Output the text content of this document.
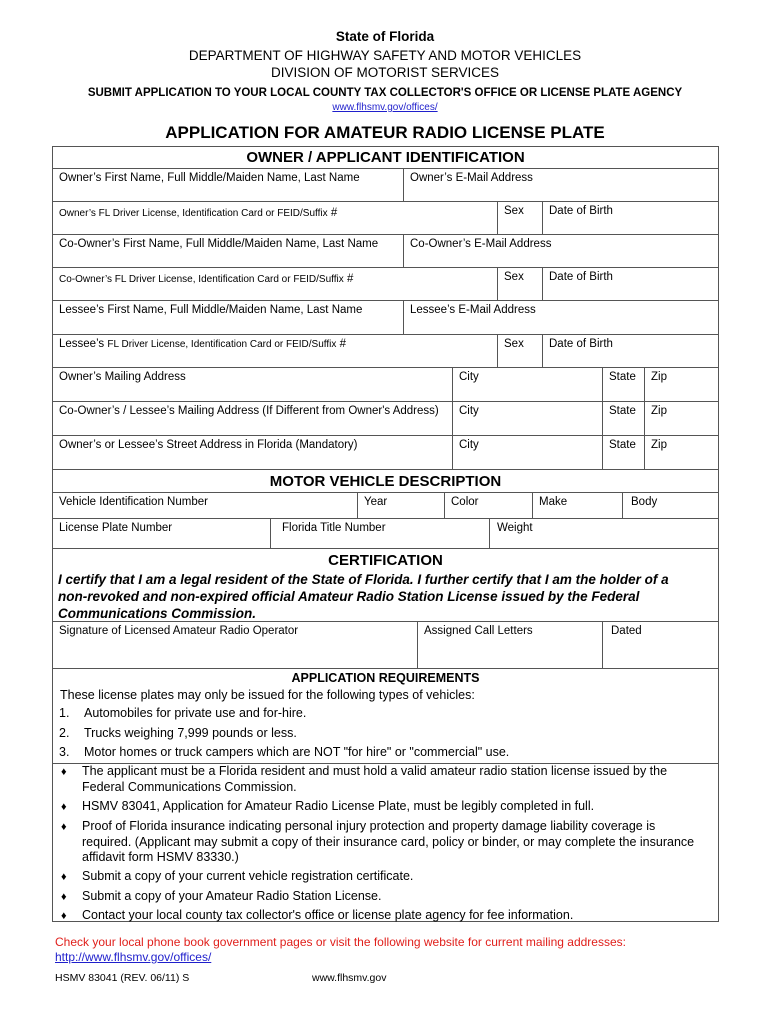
State of Florida
DEPARTMENT OF HIGHWAY SAFETY AND MOTOR VEHICLES
DIVISION OF MOTORIST SERVICES
SUBMIT APPLICATION TO YOUR LOCAL COUNTY TAX COLLECTOR'S OFFICE OR LICENSE PLATE AGENCY
www.flhsmv.gov/offices/
APPLICATION FOR AMATEUR RADIO LICENSE PLATE
OWNER / APPLICANT IDENTIFICATION
Owner’s First Name, Full Middle/Maiden Name, Last Name	Owner’s E-Mail Address
Owner’s FL Driver License, Identification Card or FEID/Suffix #	Sex	Date of Birth
Co-Owner’s First Name, Full Middle/Maiden Name, Last Name	Co-Owner’s E-Mail Address
Co-Owner’s FL Driver License, Identification Card or FEID/Suffix #	Sex	Date of Birth
Lessee’s First Name, Full Middle/Maiden Name, Last Name	Lessee’s E-Mail Address
Lessee’s FL Driver License, Identification Card or FEID/Suffix #	Sex	Date of Birth
Owner’s Mailing Address	City	State	Zip
Co-Owner’s / Lessee’s Mailing Address (If Different from Owner's Address)	City	State	Zip
Owner’s or Lessee’s Street Address in Florida (Mandatory)	City	State	Zip
MOTOR VEHICLE DESCRIPTION
Vehicle Identification Number	Year	Color	Make	Body
License Plate Number	Florida Title Number	Weight
CERTIFICATION
I certify that I am a legal resident of the State of Florida. I further certify that I am the holder of a
non-revoked and non-expired official Amateur Radio Station License issued by the Federal
Communications Commission.
Signature of Licensed Amateur Radio Operator	Assigned Call Letters	Dated
APPLICATION REQUIREMENTS
These license plates may only be issued for the following types of vehicles:
1. Automobiles for private use and for-hire.
2. Trucks weighing 7,999 pounds or less.
3. Motor homes or truck campers which are NOT "for hire" or "commercial" use.
♦ The applicant must be a Florida resident and must hold a valid amateur radio station license issued by the Federal Communications Commission.
♦ HSMV 83041, Application for Amateur Radio License Plate, must be legibly completed in full.
♦ Proof of Florida insurance indicating personal injury protection and property damage liability coverage is required. (Applicant may submit a copy of their insurance card, policy or binder, or may complete the insurance affidavit form HSMV 83330.)
♦ Submit a copy of your current vehicle registration certificate.
♦ Submit a copy of your Amateur Radio Station License.
♦ Contact your local county tax collector's office or license plate agency for fee information.
Check your local phone book government pages or visit the following website for current mailing addresses:
http://www.flhsmv.gov/offices/
HSMV 83041 (REV. 06/11) S	www.flhsmv.gov
